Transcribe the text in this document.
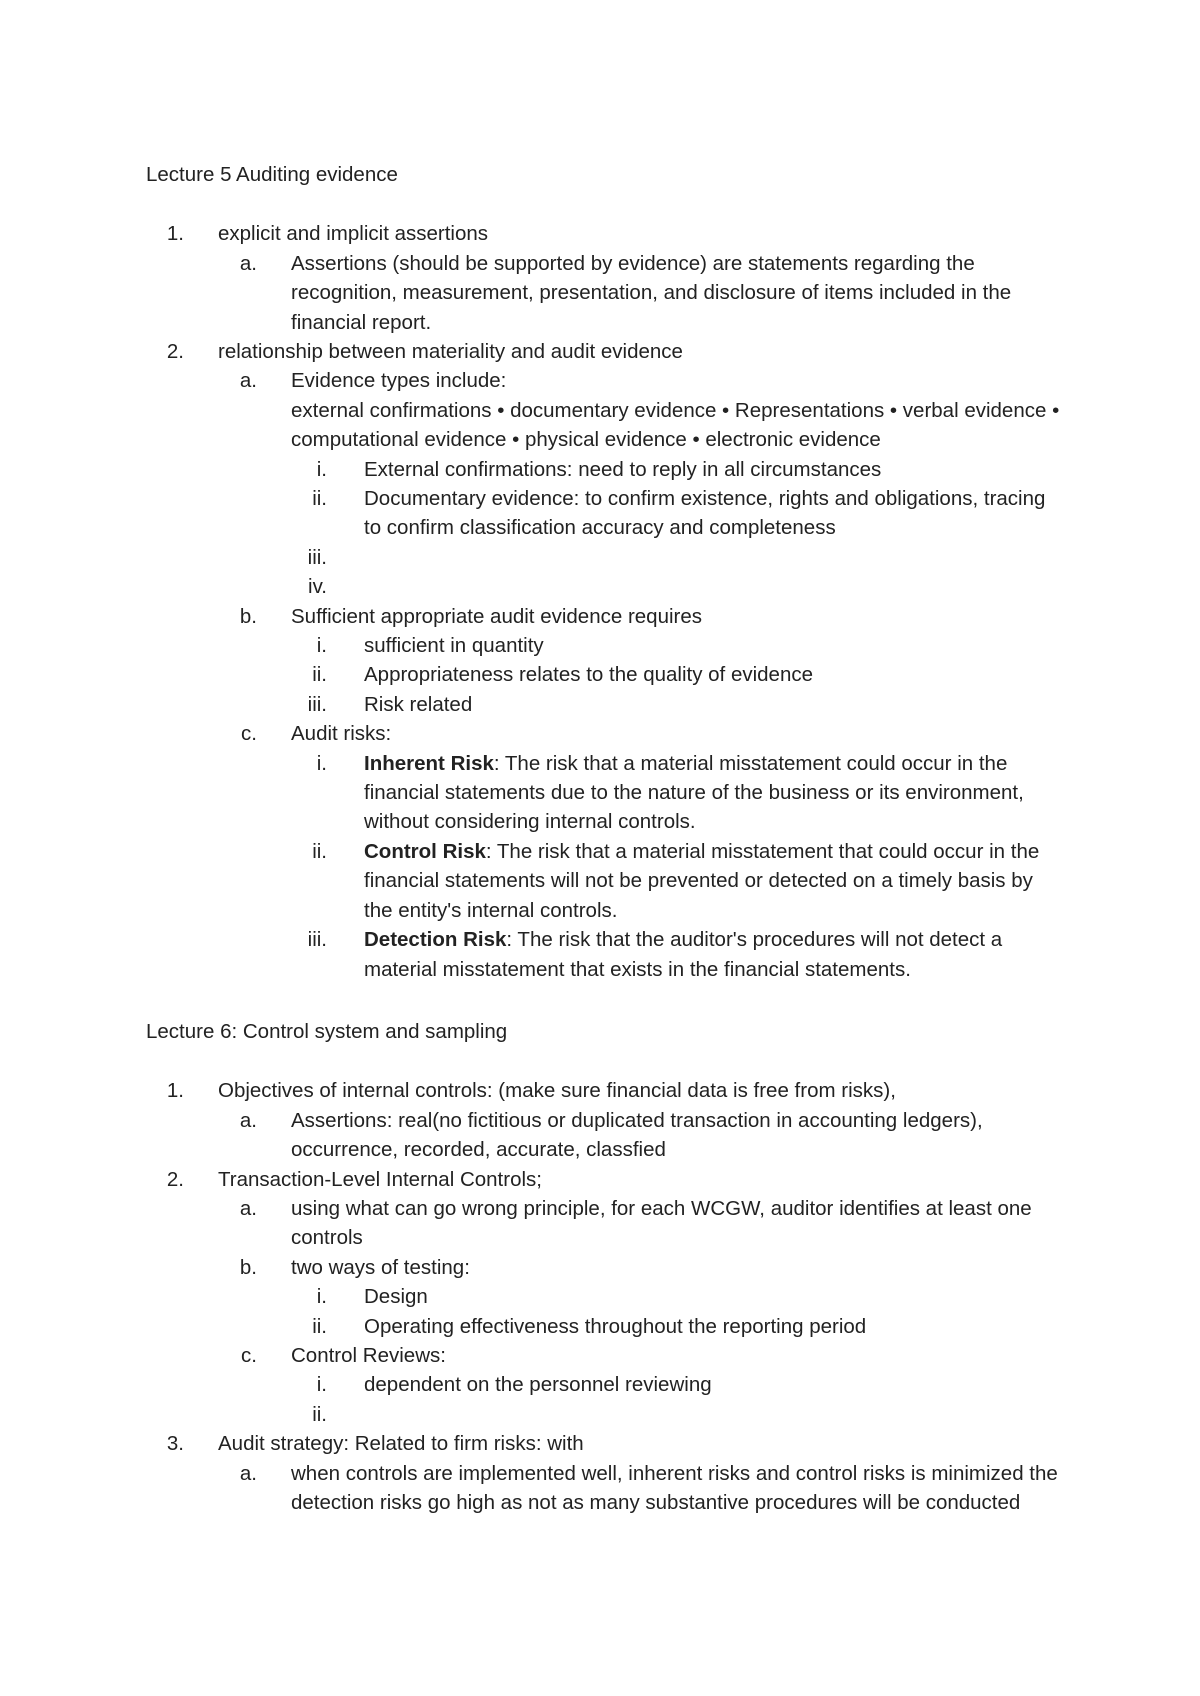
Lecture 5 Auditing evidence
1. explicit and implicit assertions
a. Assertions (should be supported by evidence) are statements regarding the recognition, measurement, presentation, and disclosure of items included in the financial report.
2. relationship between materiality and audit evidence
a. Evidence types include:
external confirmations • documentary evidence • Representations • verbal evidence • computational evidence • physical evidence • electronic evidence
i. External confirmations: need to reply in all circumstances
ii. Documentary evidence: to confirm existence, rights and obligations, tracing to confirm classification accuracy and completeness
iii.
iv.
b. Sufficient appropriate audit evidence requires
i. sufficient in quantity
ii. Appropriateness relates to the quality of evidence
iii. Risk related
c. Audit risks:
i. Inherent Risk: The risk that a material misstatement could occur in the financial statements due to the nature of the business or its environment, without considering internal controls.
ii. Control Risk: The risk that a material misstatement that could occur in the financial statements will not be prevented or detected on a timely basis by the entity's internal controls.
iii. Detection Risk: The risk that the auditor's procedures will not detect a material misstatement that exists in the financial statements.
Lecture 6: Control system and sampling
1. Objectives of internal controls: (make sure financial data is free from risks),
a. Assertions: real(no fictitious or duplicated transaction in accounting ledgers), occurrence, recorded, accurate, classfied
2. Transaction-Level Internal Controls;
a. using what can go wrong principle, for each WCGW, auditor identifies at least one controls
b. two ways of testing:
i. Design
ii. Operating effectiveness throughout the reporting period
c. Control Reviews:
i. dependent on the personnel reviewing
ii.
3. Audit strategy: Related to firm risks: with
a. when controls are implemented well, inherent risks and control risks is minimized the detection risks go high as not as many substantive procedures will be conducted
